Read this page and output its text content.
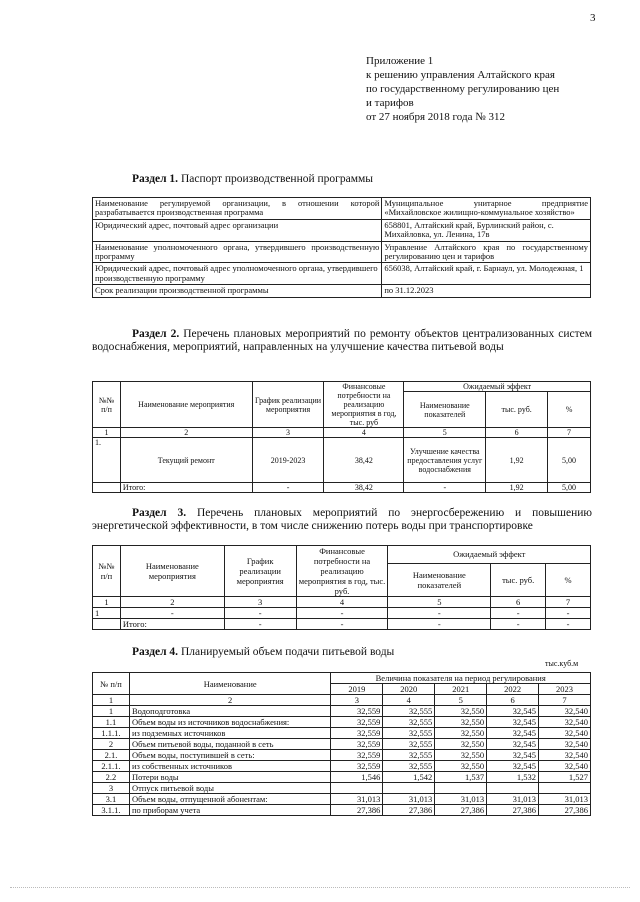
3
Приложение 1
к решению управления Алтайского края
по государственному регулированию цен
и тарифов
от 27 ноября 2018 года № 312
Раздел 1. Паспорт производственной программы
Наименование регулируемой организации, в отношении которой разрабатывается производственная программа	Муниципальное унитарное предприятие «Михайловское жилищно-коммунальное хозяйство»
Юридический адрес, почтовый адрес организации	658801, Алтайский край, Бурлинский район, с. Михайловка, ул. Ленина, 17в
Наименование уполномоченного органа, утвердившего производственную программу	Управление Алтайского края по государственному регулированию цен и тарифов
Юридический адрес, почтовый адрес уполномоченного органа, утвердившего производственную программу	656038, Алтайский край, г. Барнаул, ул. Молодежная, 1
Срок реализации производственной программы	по 31.12.2023
Раздел 2. Перечень плановых мероприятий по ремонту объектов централизованных систем водоснабжения, мероприятий, направленных на улучшение качества питьевой воды
№№ п/п	Наименование мероприятия	График реализации мероприятия	Финансовые потребности на реализацию мероприятия в год, тыс. руб	Ожидаемый эффект		
				Наименование показателей	тыс. руб.	%
1	2	3	4	5	6	7
1.	Текущий ремонт	2019-2023	38,42	Улучшение качества предоставления услуг водоснабжения	1,92	5,00
	Итого:	-	38,42	-	1,92	5,00
Раздел 3. Перечень плановых мероприятий по энергосбережению и повышению энергетической эффективности, в том числе снижению потерь воды при транспортировке
№№ п/п	Наименование мероприятия	График реализации мероприятия	Финансовые потребности на реализацию мероприятия в год, тыс. руб.	Ожидаемый эффект		
				Наименование показателей	тыс. руб.	%
1	2	3	4	5	6	7
1	-	-	-	-	-	-
	Итого:	-	-	-	-	-
Раздел 4. Планируемый объем подачи питьевой воды
тыс.куб.м
№ п/п	Наименование	Величина показателя на период регулирования				
		2019	2020	2021	2022	2023
1	2	3	4	5	6	7
1	Водоподготовка	32,559	32,555	32,550	32,545	32,540
1.1	Объем воды из источников водоснабжения:	32,559	32,555	32,550	32,545	32,540
1.1.1.	из подземных источников	32,559	32,555	32,550	32,545	32,540
2	Объем питьевой воды, поданной в сеть	32,559	32,555	32,550	32,545	32,540
2.1.	Объем воды, поступившей в сеть:	32,559	32,555	32,550	32,545	32,540
2.1.1.	из собственных источников	32,559	32,555	32,550	32,545	32,540
2.2	Потери воды	1,546	1,542	1,537	1,532	1,527
3	Отпуск питьевой воды					
3.1	Объем воды, отпущенной абонентам:	31,013	31,013	31,013	31,013	31,013
3.1.1.	по приборам учета	27,386	27,386	27,386	27,386	27,386
